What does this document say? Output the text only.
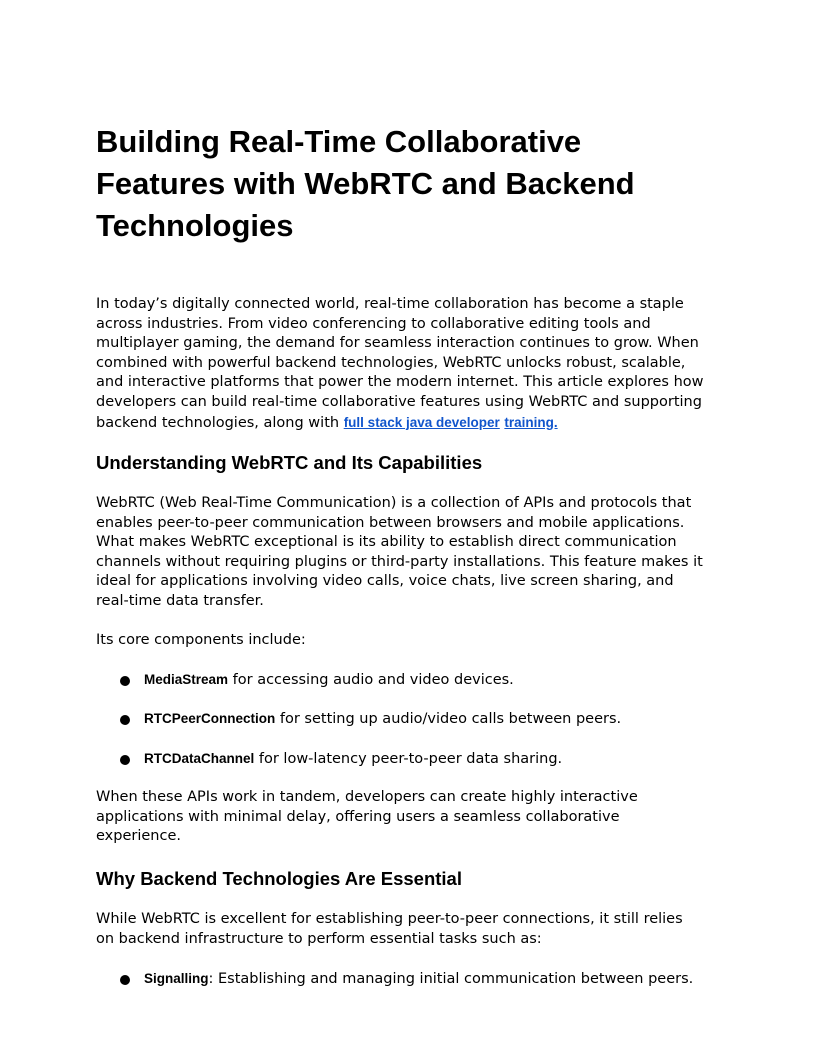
Building Real-Time Collaborative
Features with WebRTC and Backend
Technologies

In today’s digitally connected world, real-time collaboration has become a staple
across industries. From video conferencing to collaborative editing tools and
multiplayer gaming, the demand for seamless interaction continues to grow. When
combined with powerful backend technologies, WebRTC unlocks robust, scalable,
and interactive platforms that power the modern internet. This article explores how
developers can build real-time collaborative features using WebRTC and supporting
backend technologies, along with full stack java developer training.

Understanding WebRTC and Its Capabilities

WebRTC (Web Real-Time Communication) is a collection of APIs and protocols that
enables peer-to-peer communication between browsers and mobile applications.
What makes WebRTC exceptional is its ability to establish direct communication
channels without requiring plugins or third-party installations. This feature makes it
ideal for applications involving video calls, voice chats, live screen sharing, and
real-time data transfer.

Its core components include:

MediaStream for accessing audio and video devices.
RTCPeerConnection for setting up audio/video calls between peers.
RTCDataChannel for low-latency peer-to-peer data sharing.

When these APIs work in tandem, developers can create highly interactive
applications with minimal delay, offering users a seamless collaborative
experience.

Why Backend Technologies Are Essential

While WebRTC is excellent for establishing peer-to-peer connections, it still relies
on backend infrastructure to perform essential tasks such as:

Signalling: Establishing and managing initial communication between peers.
